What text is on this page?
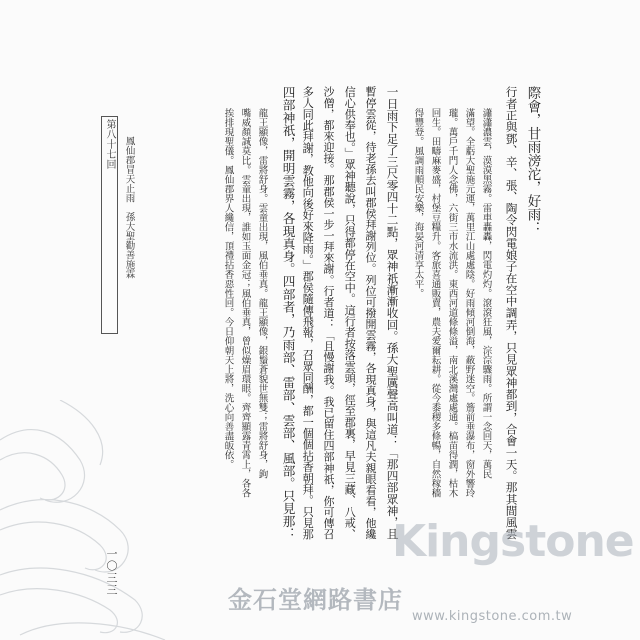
第八十七回 鳳仙郡冒天止雨　孫大聖勸善施霖	際會，甘雨滂沱，好雨：
行者正與鄧、辛、張、陶令閃電娘子在空中調弄，只見眾神都到，合會一天。那其間風雲
瀟瀟濃雲，漠漠黑霧。雷車轟轟，閃電灼灼。滾滾狂風，淙淙驟雨。所謂一念回天，萬民
滿望。全虧大聖施元運，萬里江山處處陰。好雨傾河倒海，蔽野迷空。簷前垂瀑布，窗外響玲
瓏。萬戶千門人念佛，六街三市水流洪。東西河道條條溢，南北溪灣處處通。槁苗得潤，枯木
回生。田疇麻麥盛，村堡豆糧升。客旅喜通販賣，農夫愛爾耘耕。從今黍稷多條暢，自然稼穡
得豐登。風調雨順民安樂，海晏河清享太平。
一日雨下足了三尺零四十二點，眾神祇漸漸收回。孫大聖厲聲高叫道：「那四部眾神，且
暫停雲從，待老孫去叫郡侯拜謝列位。列位可撥開雲霧，各現真身，與這凡夫親眼看看，他纔
信心供奉也。」眾神聽說，只得都停在空中。這行者按落雲頭，徑至郡裏，早見三藏、八戒、
沙僧，都來迎接。那郡侯一步一拜來謝。行者道：「且慢謝我。我已留住四部神祇，你可傳召
多人同此拜謝，教他向後好來降雨。」郡侯隨傳飛報，召眾同酬，都一個個拈香朝拜。只見那
四部神祇，開明雲霧，各現真身。四部者，乃雨部、雷部、雲部、風部。只見那：
龍王顯像，雷將舒身。雲童出現，風伯垂真。龍王顯像，銀鬚蒼貌世無雙；雷將舒身，鉤
嘴威顏誠莫比。雲童出現，誰如玉面金冠；風伯垂真，曾似燥眉環眼。齊齊顯露青霄上，各各
挨排現聖儀。鳳仙郡界人纔信，頂禮拈香惡性回。今日仰朝天上將，洗心向善盡皈依。
一〇三三
Kingstone
金石堂網路書店
www.kingstone.com.tw
